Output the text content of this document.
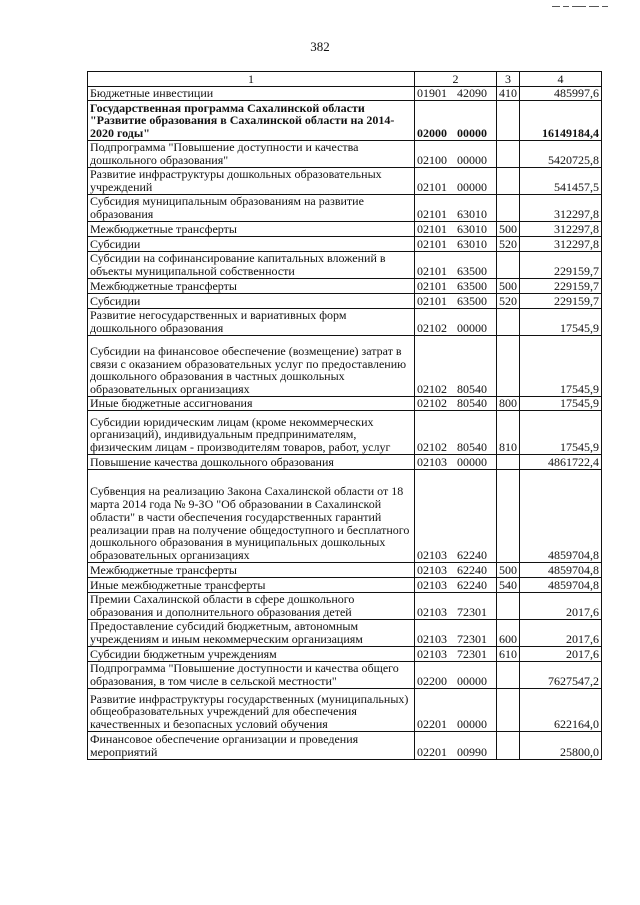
382
1	2	3	4
Бюджетные инвестиции	01901 42090	410	485997,6
Государственная программа Сахалинской области "Развитие образования в Сахалинской области на 2014-2020 годы"	02000 00000		16149184,4
Подпрограмма "Повышение доступности и качества дошкольного образования"	02100 00000		5420725,8
Развитие инфраструктуры дошкольных образовательных учреждений	02101 00000		541457,5
Субсидия муниципальным образованиям на развитие образования	02101 63010		312297,8
Межбюджетные трансферты	02101 63010	500	312297,8
Субсидии	02101 63010	520	312297,8
Субсидии на софинансирование капитальных вложений в объекты муниципальной собственности	02101 63500		229159,7
Межбюджетные трансферты	02101 63500	500	229159,7
Субсидии	02101 63500	520	229159,7
Развитие негосударственных и вариативных форм дошкольного образования	02102 00000		17545,9
Субсидии на финансовое обеспечение (возмещение) затрат в связи с оказанием образовательных услуг по предоставлению дошкольного образования в частных дошкольных образовательных организациях	02102 80540		17545,9
Иные бюджетные ассигнования	02102 80540	800	17545,9
Субсидии юридическим лицам (кроме некоммерческих организаций), индивидуальным предпринимателям, физическим лицам - производителям товаров, работ, услуг	02102 80540	810	17545,9
Повышение качества дошкольного образования	02103 00000		4861722,4
Субвенция на реализацию Закона Сахалинской области от 18 марта 2014 года № 9-ЗО "Об образовании в Сахалинской области" в части обеспечения государственных гарантий реализации прав на получение общедоступного и бесплатного дошкольного образования в муниципальных дошкольных образовательных организациях	02103 62240		4859704,8
Межбюджетные трансферты	02103 62240	500	4859704,8
Иные межбюджетные трансферты	02103 62240	540	4859704,8
Премии Сахалинской области в сфере дошкольного образования и дополнительного образования детей	02103 72301		2017,6
Предоставление субсидий бюджетным, автономным учреждениям и иным некоммерческим организациям	02103 72301	600	2017,6
Субсидии бюджетным учреждениям	02103 72301	610	2017,6
Подпрограмма "Повышение доступности и качества общего образования, в том числе в сельской местности"	02200 00000		7627547,2
Развитие инфраструктуры государственных (муниципальных) общеобразовательных учреждений для обеспечения качественных и безопасных условий обучения	02201 00000		622164,0
Финансовое обеспечение организации и проведения мероприятий	02201 00990		25800,0
